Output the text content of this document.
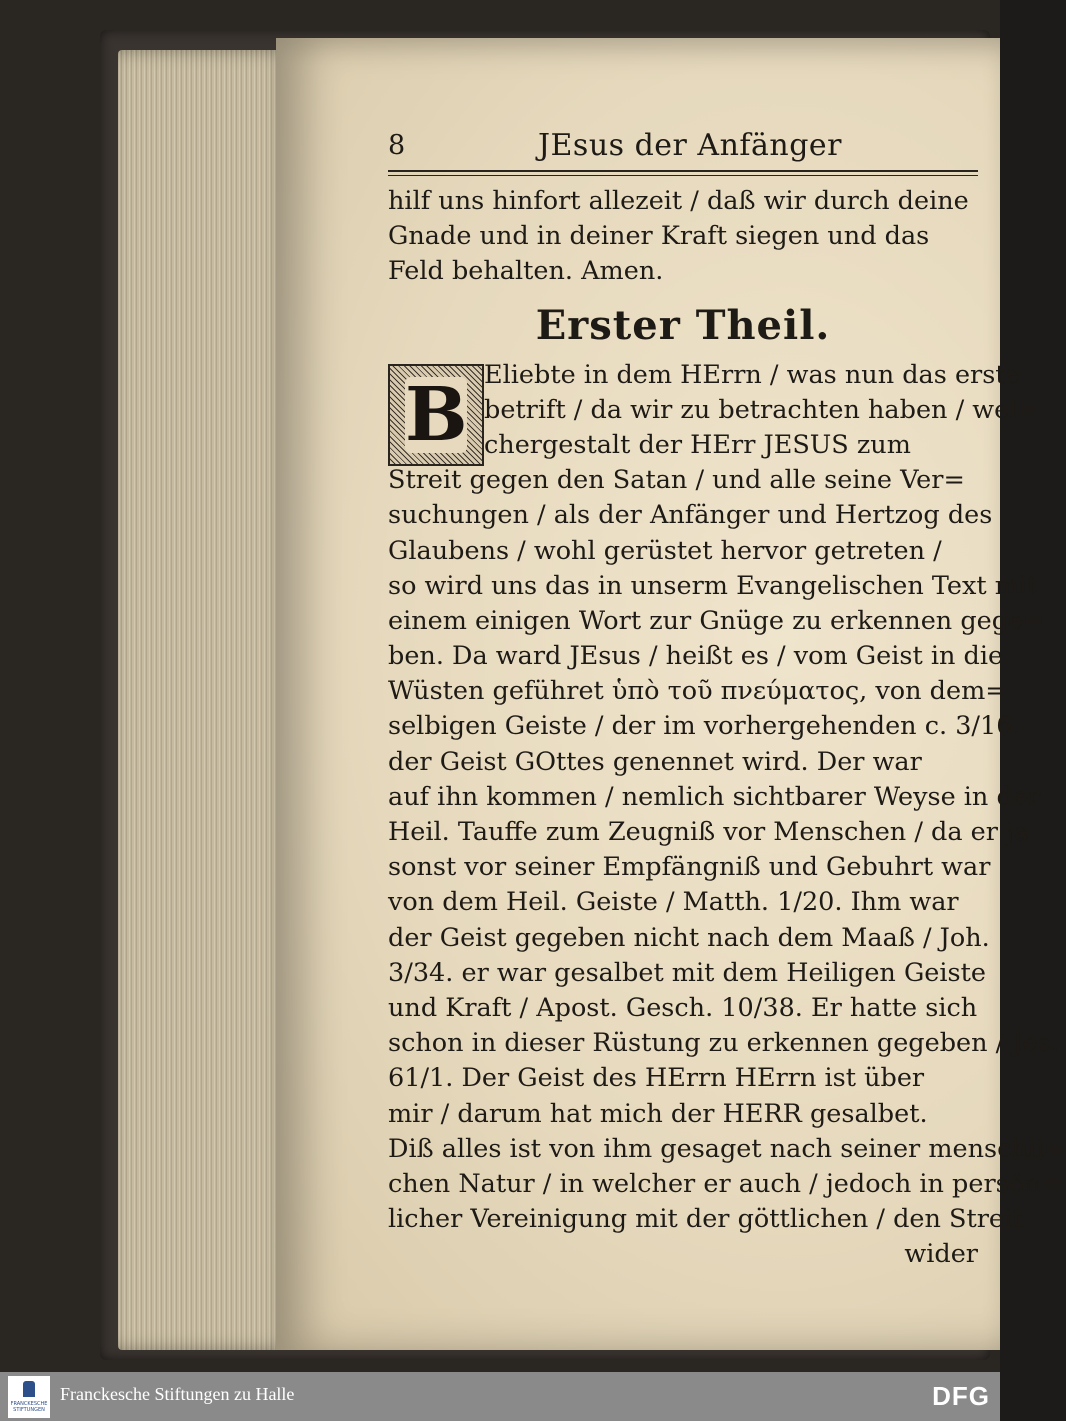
8	JEsus der Anfänger
hilf uns hinfort allezeit / daß wir durch deine
Gnade und in deiner Kraft siegen und das
Feld behalten. Amen.
Erster Theil.
B Eliebte in dem HErrn / was nun das erste
betrift / da wir zu betrachten haben / wel=
chergestalt der HErr JESUS zum
Streit gegen den Satan / und alle seine Ver=
suchungen / als der Anfänger und Hertzog des
Glaubens / wohl gerüstet hervor getreten /
so wird uns das in unserm Evangelischen Text mit
einem einigen Wort zur Gnüge zu erkennen gege=
ben. Da ward JEsus / heißt es / vom Geist in die
Wüsten geführet ὑπὸ τοῦ πνεύματος, von dem=
selbigen Geiste / der im vorhergehenden c. 3/16.
der Geist GOttes genennet wird. Der war
auf ihn kommen / nemlich sichtbarer Weyse in der
Heil. Tauffe zum Zeugniß vor Menschen / da er ja
sonst vor seiner Empfängniß und Gebuhrt war
von dem Heil. Geiste / Matth. 1/20. Ihm war
der Geist gegeben nicht nach dem Maaß / Joh.
3/34. er war gesalbet mit dem Heiligen Geiste
und Kraft / Apost. Gesch. 10/38. Er hatte sich
schon in dieser Rüstung zu erkennen gegeben / Jes.
61/1. Der Geist des HErrn HErrn ist über
mir / darum hat mich der HERR gesalbet.
Diß alles ist von ihm gesaget nach seiner menschli=
chen Natur / in welcher er auch / jedoch in persön=
licher Vereinigung mit der göttlichen / den Streit
wider
FRANCKESCHE STIFTUNGEN
Franckesche Stiftungen zu Halle	DFG
